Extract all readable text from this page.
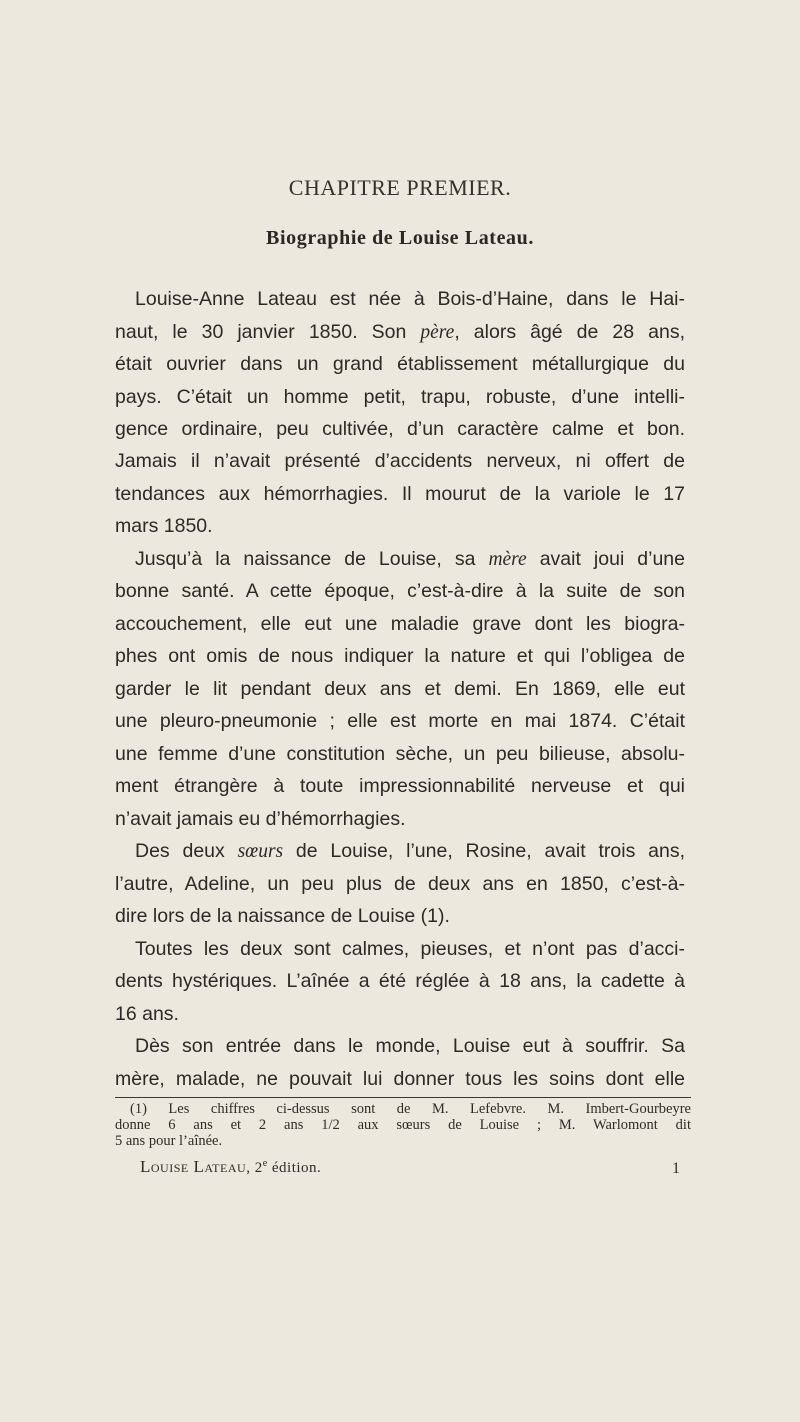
CHAPITRE PREMIER.
Biographie de Louise Lateau.
Louise-Anne Lateau est née à Bois-d’Haine, dans le Hai-
naut, le 30 janvier 1850. Son père, alors âgé de 28 ans,
était ouvrier dans un grand établissement métallurgique du
pays. C’était un homme petit, trapu, robuste, d’une intelli-
gence ordinaire, peu cultivée, d’un caractère calme et bon.
Jamais il n’avait présenté d’accidents nerveux, ni offert de
tendances aux hémorrhagies. Il mourut de la variole le 17
mars 1850.
Jusqu’à la naissance de Louise, sa mère avait joui d’une
bonne santé. A cette époque, c’est-à-dire à la suite de son
accouchement, elle eut une maladie grave dont les biogra-
phes ont omis de nous indiquer la nature et qui l’obligea de
garder le lit pendant deux ans et demi. En 1869, elle eut
une pleuro-pneumonie ; elle est morte en mai 1874. C’était
une femme d’une constitution sèche, un peu bilieuse, absolu-
ment étrangère à toute impressionnabilité nerveuse et qui
n’avait jamais eu d’hémorrhagies.
Des deux sœurs de Louise, l’une, Rosine, avait trois ans,
l’autre, Adeline, un peu plus de deux ans en 1850, c’est-à-
dire lors de la naissance de Louise (1).
Toutes les deux sont calmes, pieuses, et n’ont pas d’acci-
dents hystériques. L’aînée a été réglée à 18 ans, la cadette à
16 ans.
Dès son entrée dans le monde, Louise eut à souffrir. Sa
mère, malade, ne pouvait lui donner tous les soins dont elle
(1) Les chiffres ci-dessus sont de M. Lefebvre. M. Imbert-Gourbeyre
donne 6 ans et 2 ans 1/2 aux sœurs de Louise ; M. Warlomont dit
5 ans pour l’aînée.
Louise Lateau, 2e édition.	1
